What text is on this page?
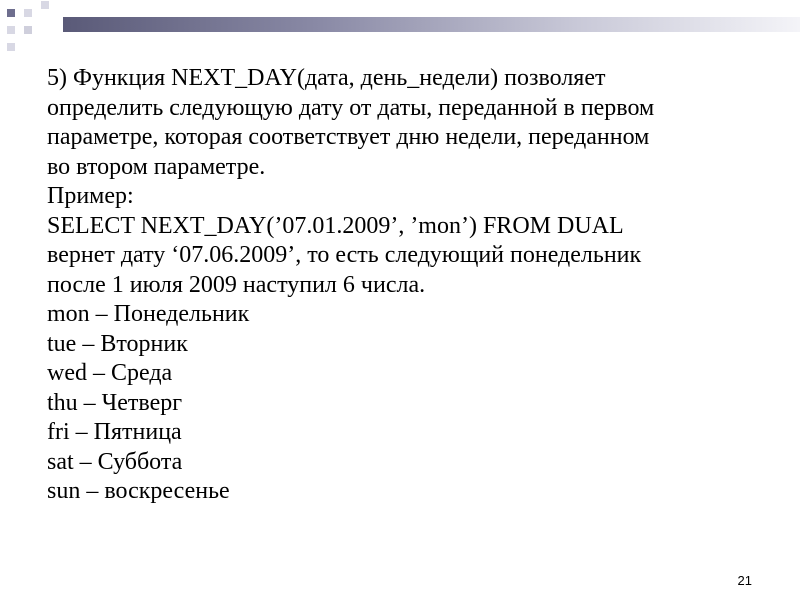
5) Функция NEXT_DAY(дата, день_недели) позволяет
определить следующую дату от даты, переданной в первом
параметре, которая соответствует дню недели, переданном
во втором параметре.
Пример:
SELECT NEXT_DAY(’07.01.2009’, ’mon’) FROM DUAL
вернет дату ‘07.06.2009’, то есть следующий понедельник
после 1 июля 2009 наступил 6 числа.
mon – Понедельник
tue – Вторник
wed – Среда
thu – Четверг
fri – Пятница
sat – Суббота
sun – воскресенье
21
